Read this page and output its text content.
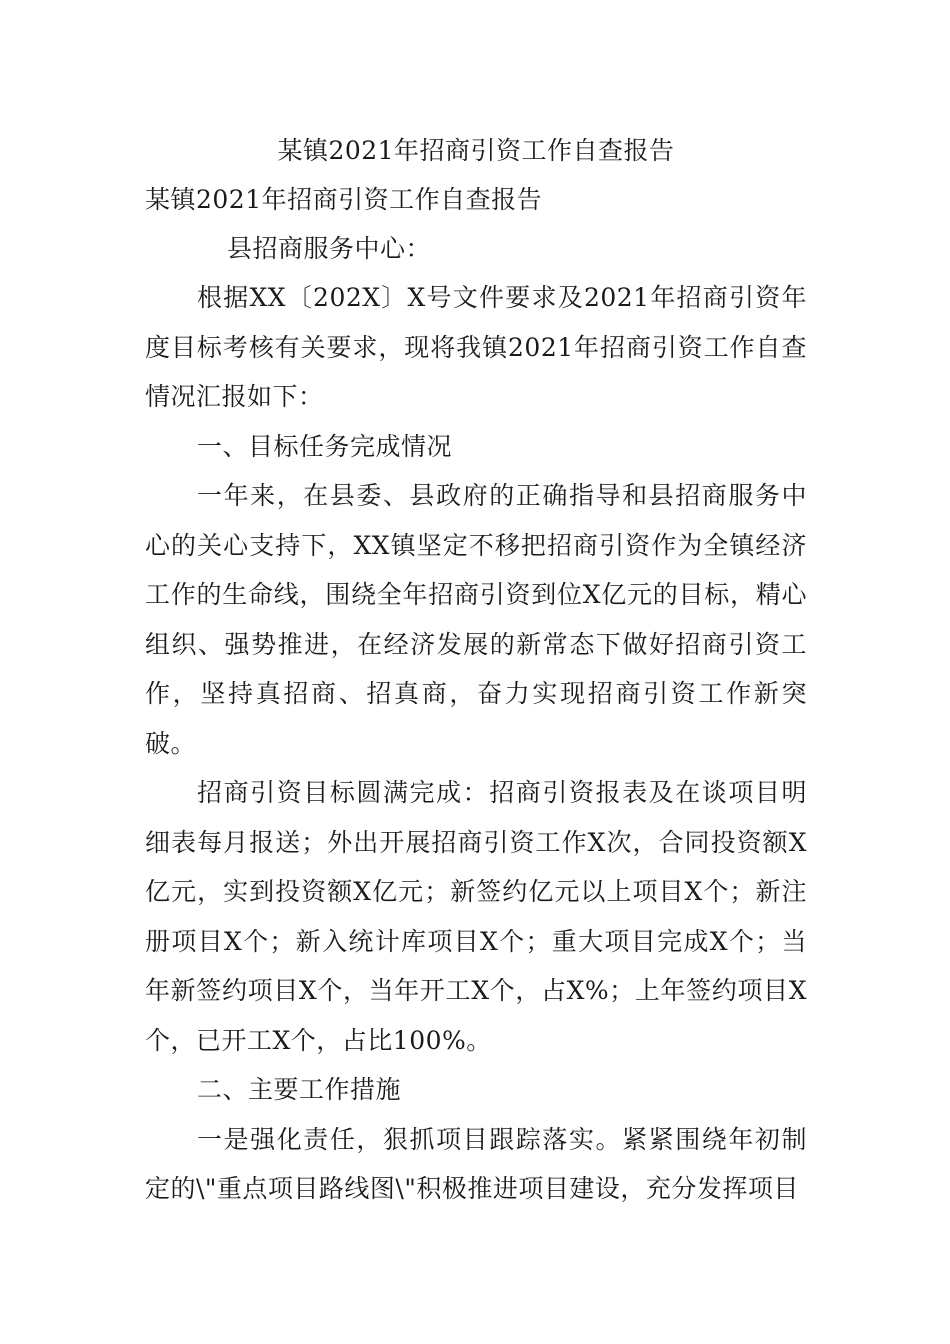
某镇2021年招商引资工作自查报告
某镇2021年招商引资工作自查报告

县招商服务中心：

根据XX〔202X〕X号文件要求及2021年招商引资年度目标考核有关要求，现将我镇2021年招商引资工作自查情况汇报如下：

一、目标任务完成情况

一年来，在县委、县政府的正确指导和县招商服务中心的关心支持下，XX镇坚定不移把招商引资作为全镇经济工作的生命线，围绕全年招商引资到位X亿元的目标，精心组织、强势推进，在经济发展的新常态下做好招商引资工作，坚持真招商、招真商，奋力实现招商引资工作新突破。

招商引资目标圆满完成：招商引资报表及在谈项目明细表每月报送；外出开展招商引资工作X次，合同投资额X亿元，实到投资额X亿元；新签约亿元以上项目X个；新注册项目X个；新入统计库项目X个；重大项目完成X个；当年新签约项目X个，当年开工X个，占X%；上年签约项目X个，已开工X个，占比100%。

二、主要工作措施

一是强化责任，狠抓项目跟踪落实。紧紧围绕年初制定的\"重点项目路线图\"积极推进项目建设，充分发挥项目
